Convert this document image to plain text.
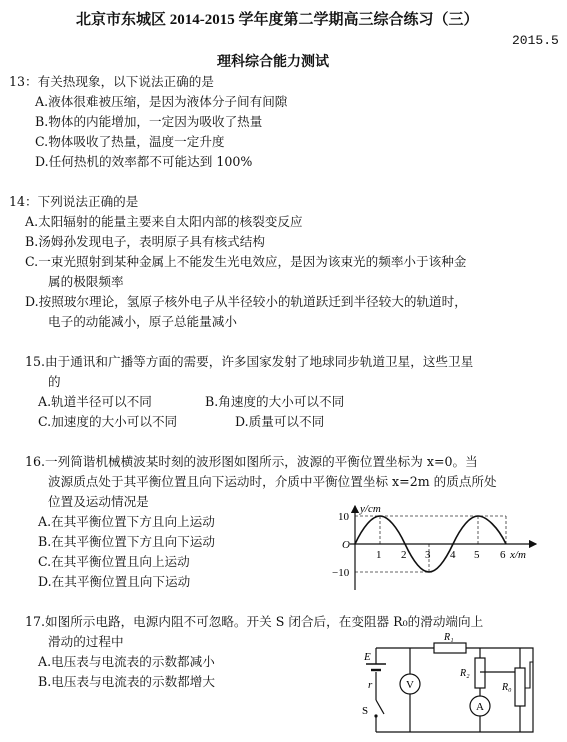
北京市东城区 2014-2015 学年度第二学期高三综合练习（三）
2015.5
理科综合能力测试
13：有关热现象，以下说法正确的是
A.液体很难被压缩，是因为液体分子间有间隙
B.物体的内能增加，一定因为吸收了热量
C.物体吸收了热量，温度一定升度
D.任何热机的效率都不可能达到 100%
14：下列说法正确的是
A.太阳辐射的能量主要来自太阳内部的核裂变反应
B.汤姆孙发现电子，表明原子具有核式结构
C.一束光照射到某种金属上不能发生光电效应，是因为该束光的频率小于该种金
属的极限频率
D.按照玻尔理论，氢原子核外电子从半径较小的轨道跃迁到半径较大的轨道时，
电子的动能减小，原子总能量减小
15.由于通讯和广播等方面的需要，许多国家发射了地球同步轨道卫星，这些卫星
的
A.轨道半径可以不同	B.角速度的大小可以不同
C.加速度的大小可以不同	D.质量可以不同
16.一列简谐机械横波某时刻的波形图如图所示，波源的平衡位置坐标为 x=0。当
波源质点处于其平衡位置且向下运动时，介质中平衡位置坐标 x=2m 的质点所处
位置及运动情况是
A.在其平衡位置下方且向上运动
B.在其平衡位置下方且向下运动
C.在其平衡位置且向上运动
D.在其平衡位置且向下运动
y/cm
x/m
O
10
−10
1 2 3 4 5 6
17.如图所示电路，电源内阻不可忽略。开关 S 闭合后，在变阻器 R₀的滑动端向上
滑动的过程中
A.电压表与电流表的示数都减小
B.电压表与电流表的示数都增大
E
r
S
V
R₁
R₂
A
R₀
